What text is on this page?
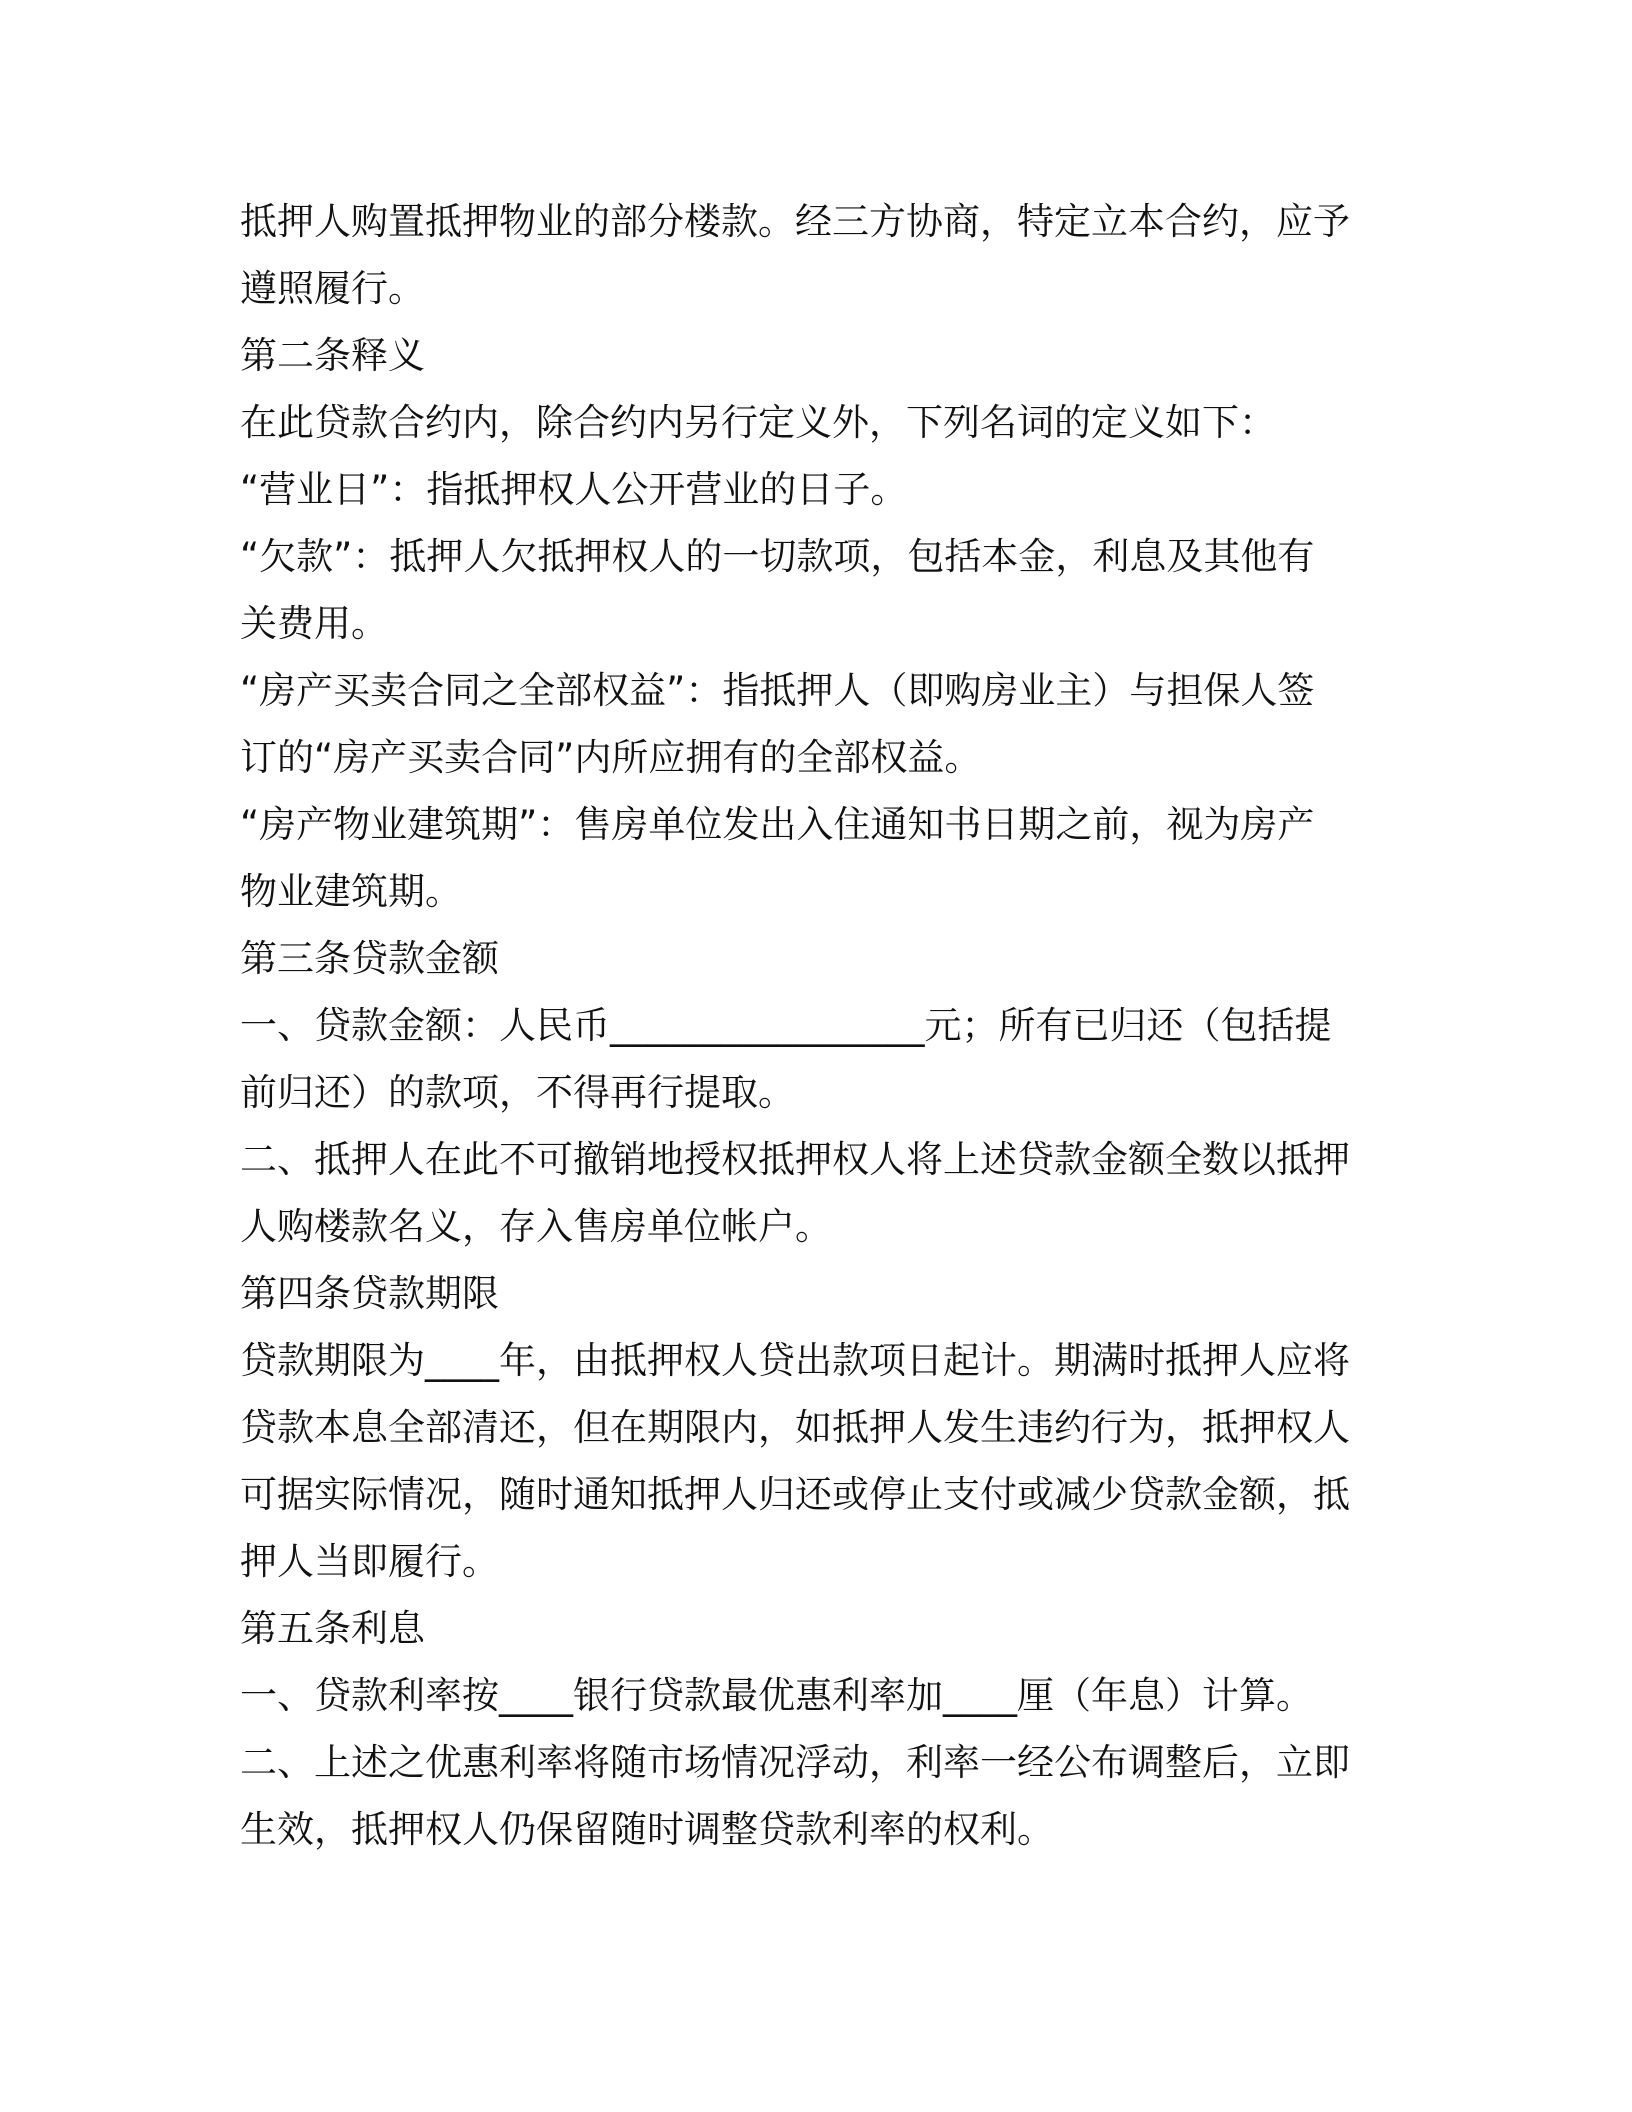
抵押人购置抵押物业的部分楼款。经三方协商，特定立本合约，应予
遵照履行。
第二条释义
在此贷款合约内，除合约内另行定义外，下列名词的定义如下：
“营业日”：指抵押权人公开营业的日子。
“欠款”：抵押人欠抵押权人的一切款项，包括本金，利息及其他有
关费用。
“房产买卖合同之全部权益”：指抵押人（即购房业主）与担保人签
订的“房产买卖合同”内所应拥有的全部权益。
“房产物业建筑期”：售房单位发出入住通知书日期之前，视为房产
物业建筑期。
第三条贷款金额
一、贷款金额：人民币_________________元；所有已归还（包括提
前归还）的款项，不得再行提取。
二、抵押人在此不可撤销地授权抵押权人将上述贷款金额全数以抵押
人购楼款名义，存入售房单位帐户。
第四条贷款期限
贷款期限为____年，由抵押权人贷出款项日起计。期满时抵押人应将
贷款本息全部清还，但在期限内，如抵押人发生违约行为，抵押权人
可据实际情况，随时通知抵押人归还或停止支付或减少贷款金额，抵
押人当即履行。
第五条利息
一、贷款利率按____银行贷款最优惠利率加____厘（年息）计算。
二、上述之优惠利率将随市场情况浮动，利率一经公布调整后，立即
生效，抵押权人仍保留随时调整贷款利率的权利。
